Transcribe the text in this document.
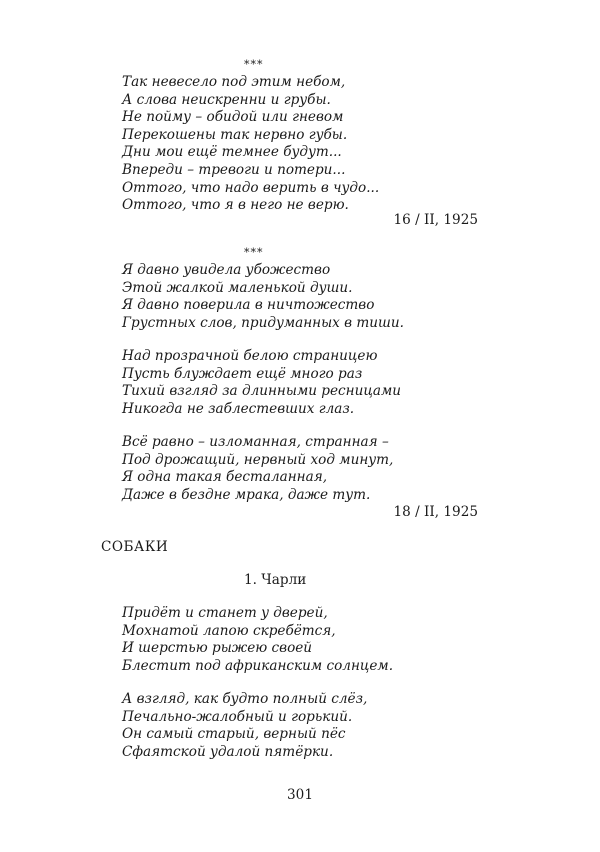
***
Так невесело под этим небом,
А слова неискренни и грубы.
Не пойму – обидой или гневом
Перекошены так нервно губы.
Дни мои ещё темнее будут...
Впереди – тревоги и потери...
Оттого, что надо верить в чудо...
Оттого, что я в него не верю.
16 / II, 1925
***
Я давно увидела убожество
Этой жалкой маленькой души.
Я давно поверила в ничтожество
Грустных слов, придуманных в тиши.
Над прозрачной белою страницею
Пусть блуждает ещё много раз
Тихий взгляд за длинными ресницами
Никогда не заблестевших глаз.
Всё равно – изломанная, странная –
Под дрожащий, нервный ход минут,
Я одна такая бесталанная,
Даже в бездне мрака, даже тут.
18 / II, 1925
СОБАКИ
1. Чарли
Придёт и станет у дверей,
Мохнатой лапою скребётся,
И шерстью рыжею своей
Блестит под африканским солнцем.
А взгляд, как будто полный слёз,
Печально-жалобный и горький.
Он самый старый, верный пёс
Сфаятской удалой пятёрки.
301
